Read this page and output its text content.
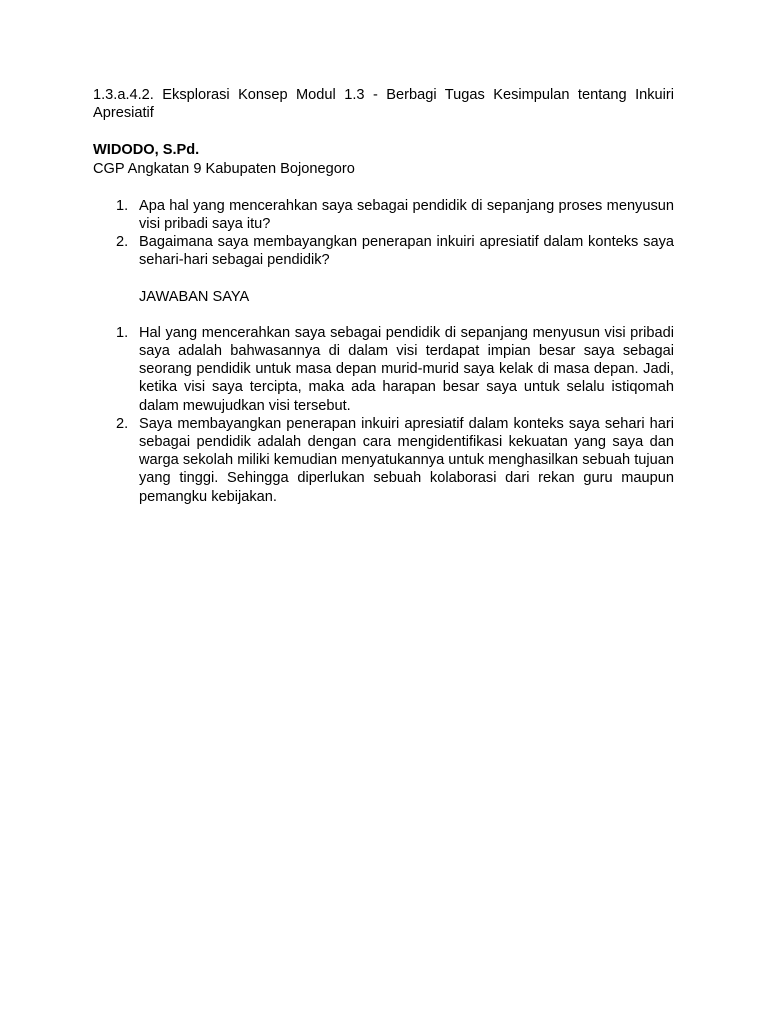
1.3.a.4.2. Eksplorasi Konsep Modul 1.3 - Berbagi Tugas Kesimpulan tentang Inkuiri Apresiatif

WIDODO, S.Pd.
CGP Angkatan 9 Kabupaten Bojonegoro
1. Apa hal yang mencerahkan saya sebagai pendidik di sepanjang proses menyusun visi pribadi saya itu?
2. Bagaimana saya membayangkan penerapan inkuiri apresiatif dalam konteks saya sehari-hari sebagai pendidik?
JAWABAN SAYA
1. Hal yang mencerahkan saya sebagai pendidik di sepanjang menyusun visi pribadi saya adalah bahwasannya di dalam visi terdapat impian besar saya sebagai seorang pendidik untuk masa depan murid-murid saya kelak di masa depan. Jadi, ketika visi saya tercipta, maka ada harapan besar saya untuk selalu istiqomah dalam mewujudkan visi tersebut.
2. Saya membayangkan penerapan inkuiri apresiatif dalam konteks saya sehari hari sebagai pendidik adalah dengan cara mengidentifikasi kekuatan yang saya dan warga sekolah miliki kemudian menyatukannya untuk menghasilkan sebuah tujuan yang tinggi. Sehingga diperlukan sebuah kolaborasi dari rekan guru maupun pemangku kebijakan.
